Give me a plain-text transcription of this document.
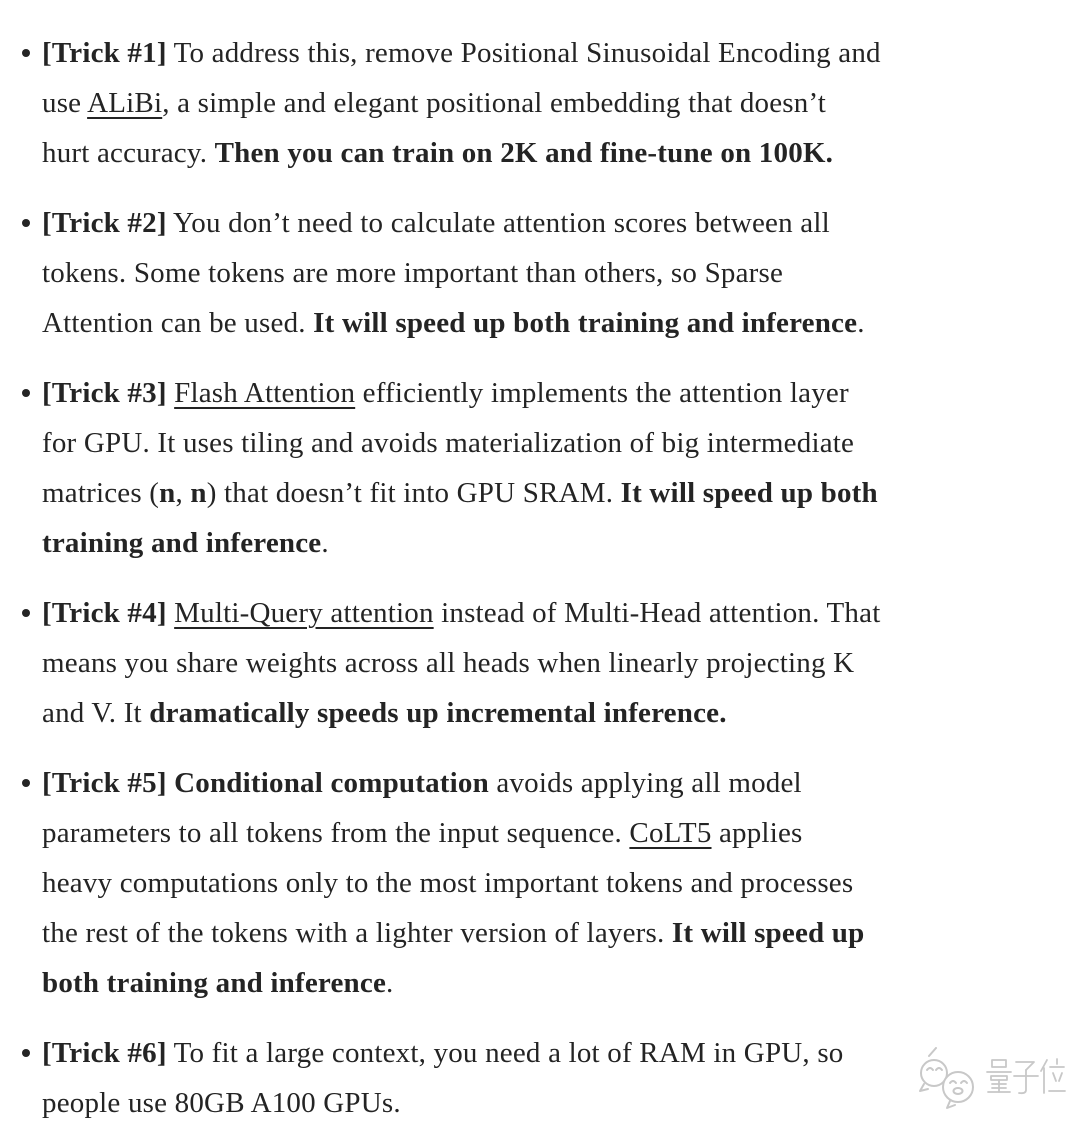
[Trick #1] To address this, remove Positional Sinusoidal Encoding and
use ALiBi, a simple and elegant positional embedding that doesn’t
hurt accuracy. Then you can train on 2K and fine-tune on 100K.
[Trick #2] You don’t need to calculate attention scores between all
tokens. Some tokens are more important than others, so Sparse
Attention can be used. It will speed up both training and inference.
[Trick #3] Flash Attention efficiently implements the attention layer
for GPU. It uses tiling and avoids materialization of big intermediate
matrices (n, n) that doesn’t fit into GPU SRAM. It will speed up both
training and inference.
[Trick #4] Multi-Query attention instead of Multi-Head attention. That
means you share weights across all heads when linearly projecting K
and V. It dramatically speeds up incremental inference.
[Trick #5] Conditional computation avoids applying all model
parameters to all tokens from the input sequence. CoLT5 applies
heavy computations only to the most important tokens and processes
the rest of the tokens with a lighter version of layers. It will speed up
both training and inference.
[Trick #6] To fit a large context, you need a lot of RAM in GPU, so
people use 80GB A100 GPUs.
